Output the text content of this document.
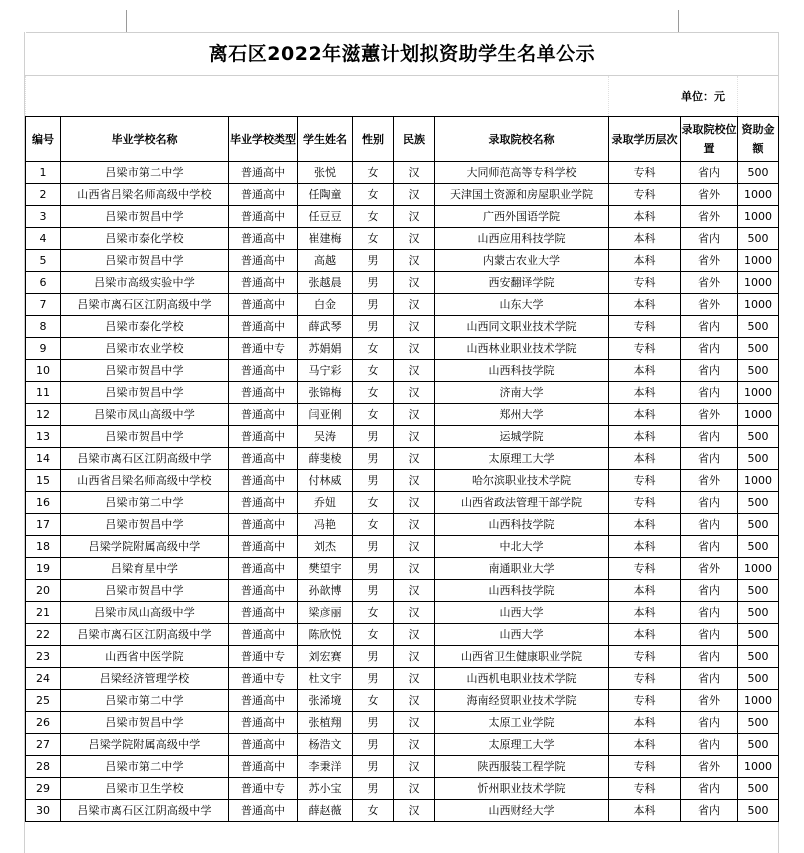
离石区2022年滋蕙计划拟资助学生名单公示									
							单位：元		
编号	毕业学校名称	毕业学校类型	学生姓名	性别	民族	录取院校名称	录取学历层次	录取院校位置	资助金额
1	吕梁市第二中学	普通高中	张悦	女	汉	大同师范高等专科学校	专科	省内	500
2	山西省吕梁名师高级中学校	普通高中	任陶童	女	汉	天津国土资源和房屋职业学院	专科	省外	1000
3	吕梁市贺昌中学	普通高中	任豆豆	女	汉	广西外国语学院	本科	省外	1000
4	吕梁市泰化学校	普通高中	崔建梅	女	汉	山西应用科技学院	本科	省内	500
5	吕梁市贺昌中学	普通高中	高越	男	汉	内蒙古农业大学	本科	省外	1000
6	吕梁市高级实验中学	普通高中	张越晨	男	汉	西安翻译学院	专科	省外	1000
7	吕梁市离石区江阴高级中学	普通高中	白金	男	汉	山东大学	本科	省外	1000
8	吕梁市泰化学校	普通高中	薛武琴	男	汉	山西同文职业技术学院	专科	省内	500
9	吕梁市农业学校	普通中专	苏娟娟	女	汉	山西林业职业技术学院	专科	省内	500
10	吕梁市贺昌中学	普通高中	马宁彩	女	汉	山西科技学院	本科	省内	500
11	吕梁市贺昌中学	普通高中	张锦梅	女	汉	济南大学	本科	省内	1000
12	吕梁市凤山高级中学	普通高中	闫亚俐	女	汉	郑州大学	本科	省外	1000
13	吕梁市贺昌中学	普通高中	吴涛	男	汉	运城学院	本科	省内	500
14	吕梁市离石区江阴高级中学	普通高中	薛斐棱	男	汉	太原理工大学	本科	省内	500
15	山西省吕梁名师高级中学校	普通高中	付林威	男	汉	哈尔滨职业技术学院	专科	省外	1000
16	吕梁市第二中学	普通高中	乔妞	女	汉	山西省政法管理干部学院	专科	省内	500
17	吕梁市贺昌中学	普通高中	冯艳	女	汉	山西科技学院	本科	省内	500
18	吕梁学院附属高级中学	普通高中	刘杰	男	汉	中北大学	本科	省内	500
19	吕梁育星中学	普通高中	樊望宇	男	汉	南通职业大学	专科	省外	1000
20	吕梁市贺昌中学	普通高中	孙歆博	男	汉	山西科技学院	本科	省内	500
21	吕梁市凤山高级中学	普通高中	梁彦丽	女	汉	山西大学	本科	省内	500
22	吕梁市离石区江阴高级中学	普通高中	陈欣悦	女	汉	山西大学	本科	省内	500
23	山西省中医学院	普通中专	刘宏赛	男	汉	山西省卫生健康职业学院	专科	省内	500
24	吕梁经济管理学校	普通中专	杜文宇	男	汉	山西机电职业技术学院	专科	省内	500
25	吕梁市第二中学	普通高中	张浠境	女	汉	海南经贸职业技术学院	专科	省外	1000
26	吕梁市贺昌中学	普通高中	张植翔	男	汉	太原工业学院	本科	省内	500
27	吕梁学院附属高级中学	普通高中	杨浩文	男	汉	太原理工大学	本科	省内	500
28	吕梁市第二中学	普通高中	李秉洋	男	汉	陕西服装工程学院	专科	省外	1000
29	吕梁市卫生学校	普通中专	苏小宝	男	汉	忻州职业技术学院	专科	省内	500
30	吕梁市离石区江阴高级中学	普通高中	薛赵薇	女	汉	山西财经大学	本科	省内	500
